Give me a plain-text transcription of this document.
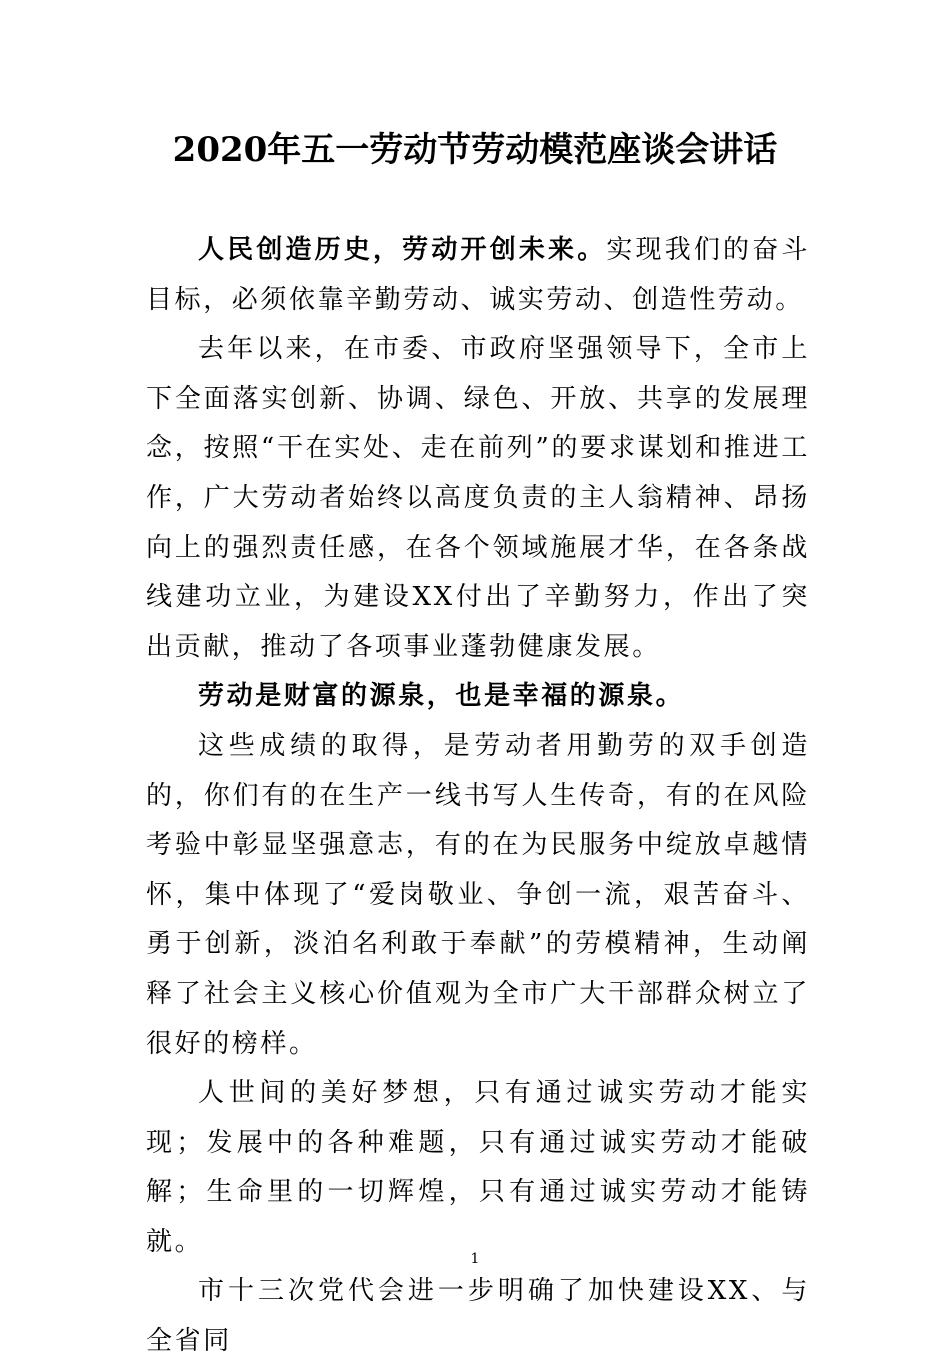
2020年五一劳动节劳动模范座谈会讲话

人民创造历史，劳动开创未来。实现我们的奋斗目标，必须依靠辛勤劳动、诚实劳动、创造性劳动。

去年以来，在市委、市政府坚强领导下，全市上下全面落实创新、协调、绿色、开放、共享的发展理念，按照“干在实处、走在前列”的要求谋划和推进工作，广大劳动者始终以高度负责的主人翁精神、昂扬向上的强烈责任感，在各个领域施展才华，在各条战线建功立业，为建设XX付出了辛勤努力，作出了突出贡献，推动了各项事业蓬勃健康发展。

劳动是财富的源泉，也是幸福的源泉。

这些成绩的取得，是劳动者用勤劳的双手创造的，你们有的在生产一线书写人生传奇，有的在风险考验中彰显坚强意志，有的在为民服务中绽放卓越情怀，集中体现了“爱岗敬业、争创一流，艰苦奋斗、勇于创新，淡泊名利敢于奉献”的劳模精神，生动阐释了社会主义核心价值观为全市广大干部群众树立了很好的榜样。

人世间的美好梦想，只有通过诚实劳动才能实现；发展中的各种难题，只有通过诚实劳动才能破解；生命里的一切辉煌，只有通过诚实劳动才能铸就。

市十三次党代会进一步明确了加快建设XX、与全省同

1
